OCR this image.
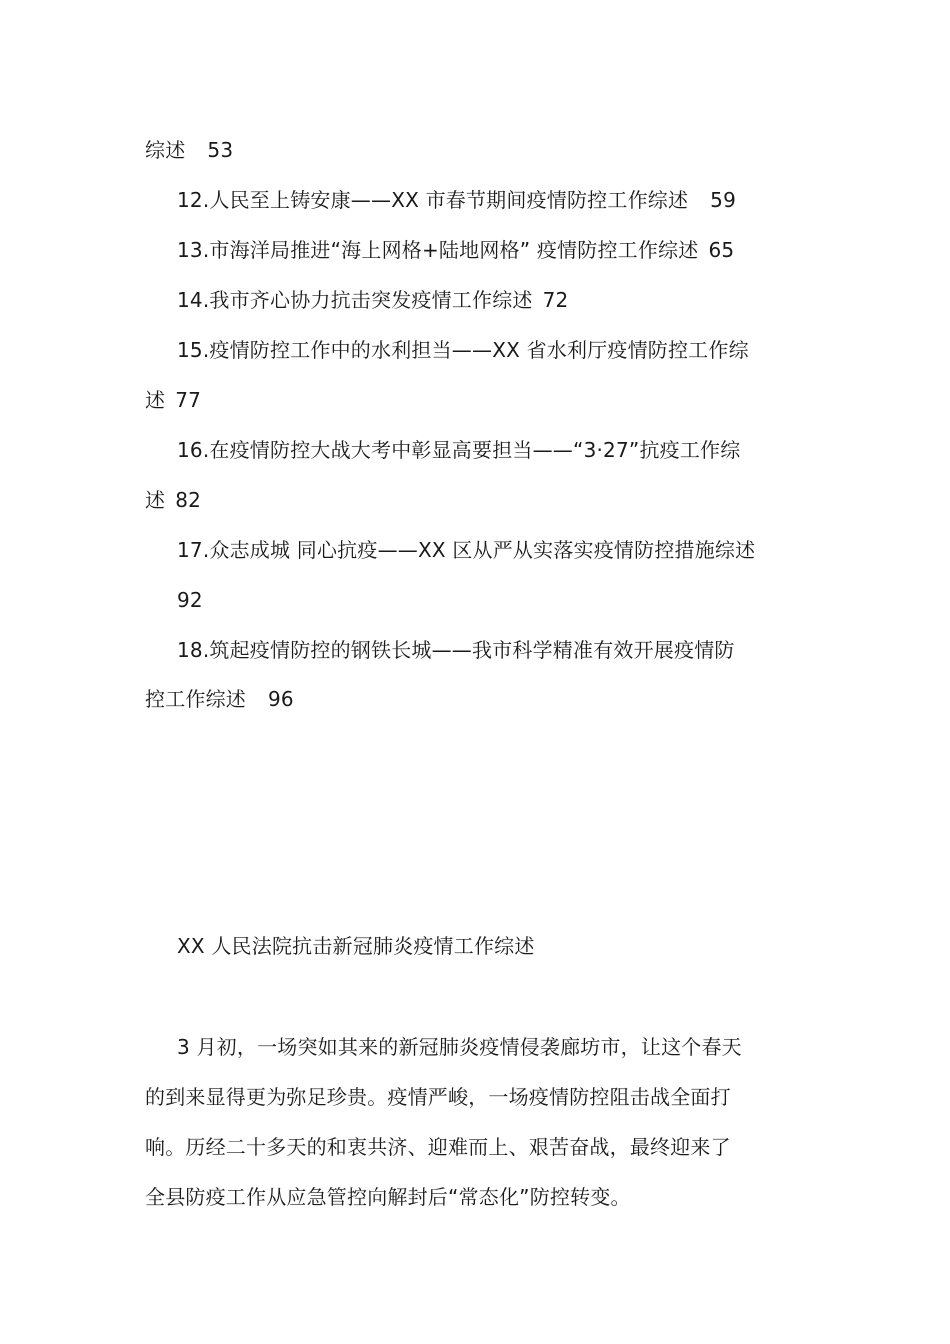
综述 53
12.人民至上铸安康——XX 市春节期间疫情防控工作综述 59
13.市海洋局推进“海上网格+陆地网格” 疫情防控工作综述 65
14.我市齐心协力抗击突发疫情工作综述 72
15.疫情防控工作中的水利担当——XX 省水利厅疫情防控工作综
述 77
16.在疫情防控大战大考中彰显高要担当——“3·27”抗疫工作综
述 82
17.众志成城 同心抗疫——XX 区从严从实落实疫情防控措施综述
92
18.筑起疫情防控的钢铁长城——我市科学精准有效开展疫情防
控工作综述 96
XX 人民法院抗击新冠肺炎疫情工作综述
3 月初，一场突如其来的新冠肺炎疫情侵袭廊坊市，让这个春天
的到来显得更为弥足珍贵。疫情严峻，一场疫情防控阻击战全面打
响。历经二十多天的和衷共济、迎难而上、艰苦奋战，最终迎来了
全县防疫工作从应急管控向解封后“常态化”防控转变。
